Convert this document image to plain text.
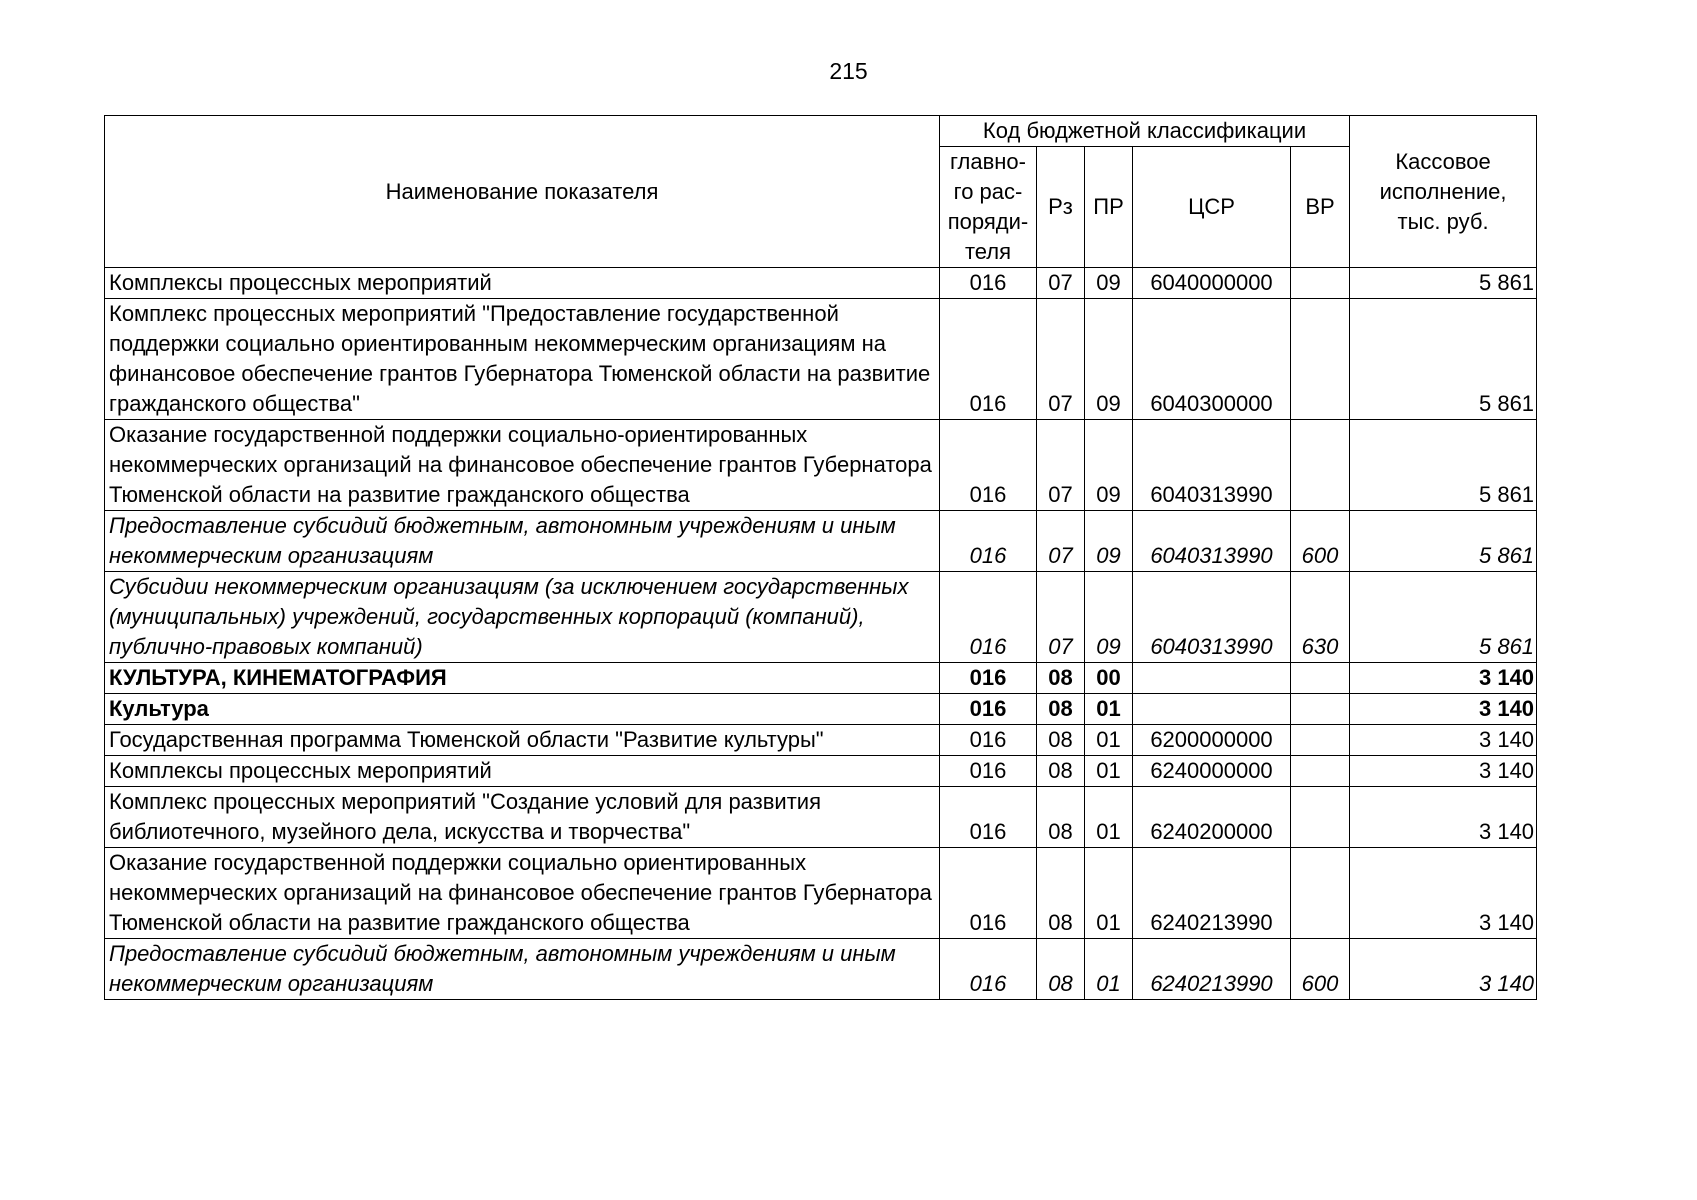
215
Наименование показателя	Код бюджетной классификации					Кассовое
исполнение,
тыс. руб.

	главно-
го рас-
поряди-
теля	Рз	ПР	ЦСР	ВР	
Комплексы процессных мероприятий	016	07	09	6040000000		5 861
Комплекс процессных мероприятий "Предоставление государственной поддержки социально ориентированным некоммерческим организациям на финансовое обеспечение грантов Губернатора Тюменской области на развитие гражданского общества"	016	07	09	6040300000		5 861
Оказание государственной поддержки социально-ориентированных некоммерческих организаций на финансовое обеспечение грантов Губернатора Тюменской области на развитие гражданского общества	016	07	09	6040313990		5 861
Предоставление субсидий бюджетным, автономным учреждениям и иным некоммерческим организациям	016	07	09	6040313990	600	5 861
Субсидии некоммерческим организациям (за исключением государственных (муниципальных) учреждений, государственных корпораций (компаний), публично-правовых компаний)	016	07	09	6040313990	630	5 861
КУЛЬТУРА, КИНЕМАТОГРАФИЯ	016	08	00			3 140
Культура	016	08	01			3 140
Государственная программа Тюменской области "Развитие культуры"	016	08	01	6200000000		3 140
Комплексы процессных мероприятий	016	08	01	6240000000		3 140
Комплекс процессных мероприятий "Создание условий для развития библиотечного, музейного дела, искусства и творчества"	016	08	01	6240200000		3 140
Оказание государственной поддержки социально ориентированных некоммерческих организаций на финансовое обеспечение грантов Губернатора Тюменской области на развитие гражданского общества	016	08	01	6240213990		3 140
Предоставление субсидий бюджетным, автономным учреждениям и иным некоммерческим организациям	016	08	01	6240213990	600	3 140
